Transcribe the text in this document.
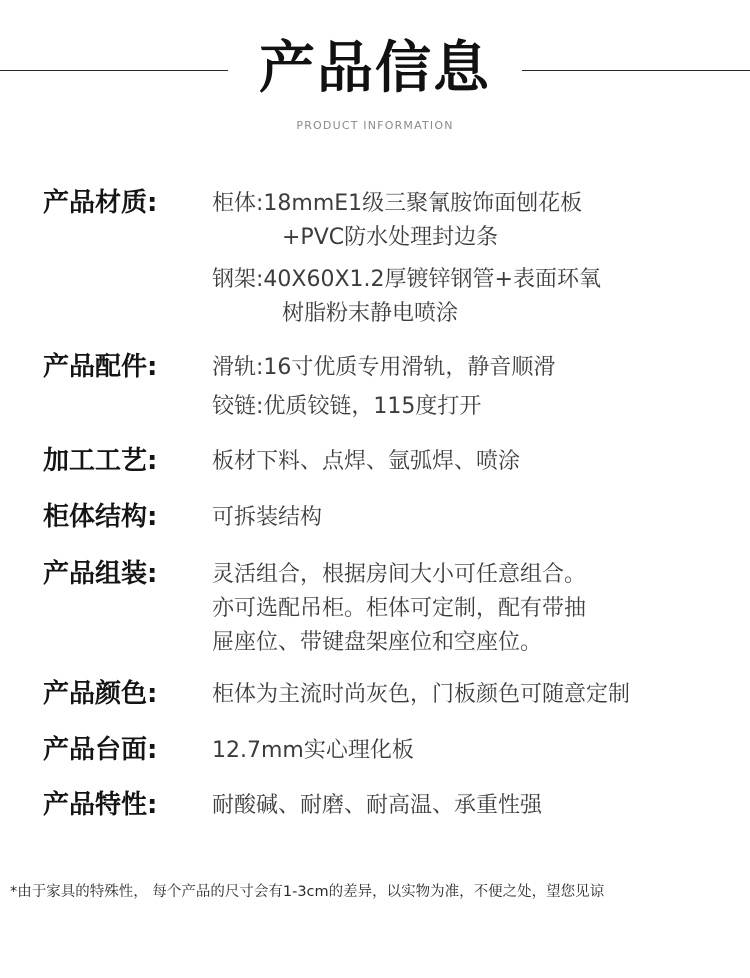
产品信息
PRODUCT INFORMATION
产品材质: 柜体:18mmE1级三聚氰胺饰面刨花板
+PVC防水处理封边条
钢架:40X60X1.2厚镀锌钢管+表面环氧
树脂粉末静电喷涂
产品配件: 滑轨:16寸优质专用滑轨，静音顺滑
铰链:优质铰链，115度打开
加工工艺: 板材下料、点焊、氩弧焊、喷涂
柜体结构: 可拆装结构
产品组装: 灵活组合，根据房间大小可任意组合。
亦可选配吊柜。柜体可定制，配有带抽
屉座位、带键盘架座位和空座位。
产品颜色: 柜体为主流时尚灰色，门板颜色可随意定制
产品台面: 12.7mm实心理化板
产品特性: 耐酸碱、耐磨、耐高温、承重性强
*由于家具的特殊性， 每个产品的尺寸会有1-3cm的差异，以实物为准，不便之处，望您见谅
